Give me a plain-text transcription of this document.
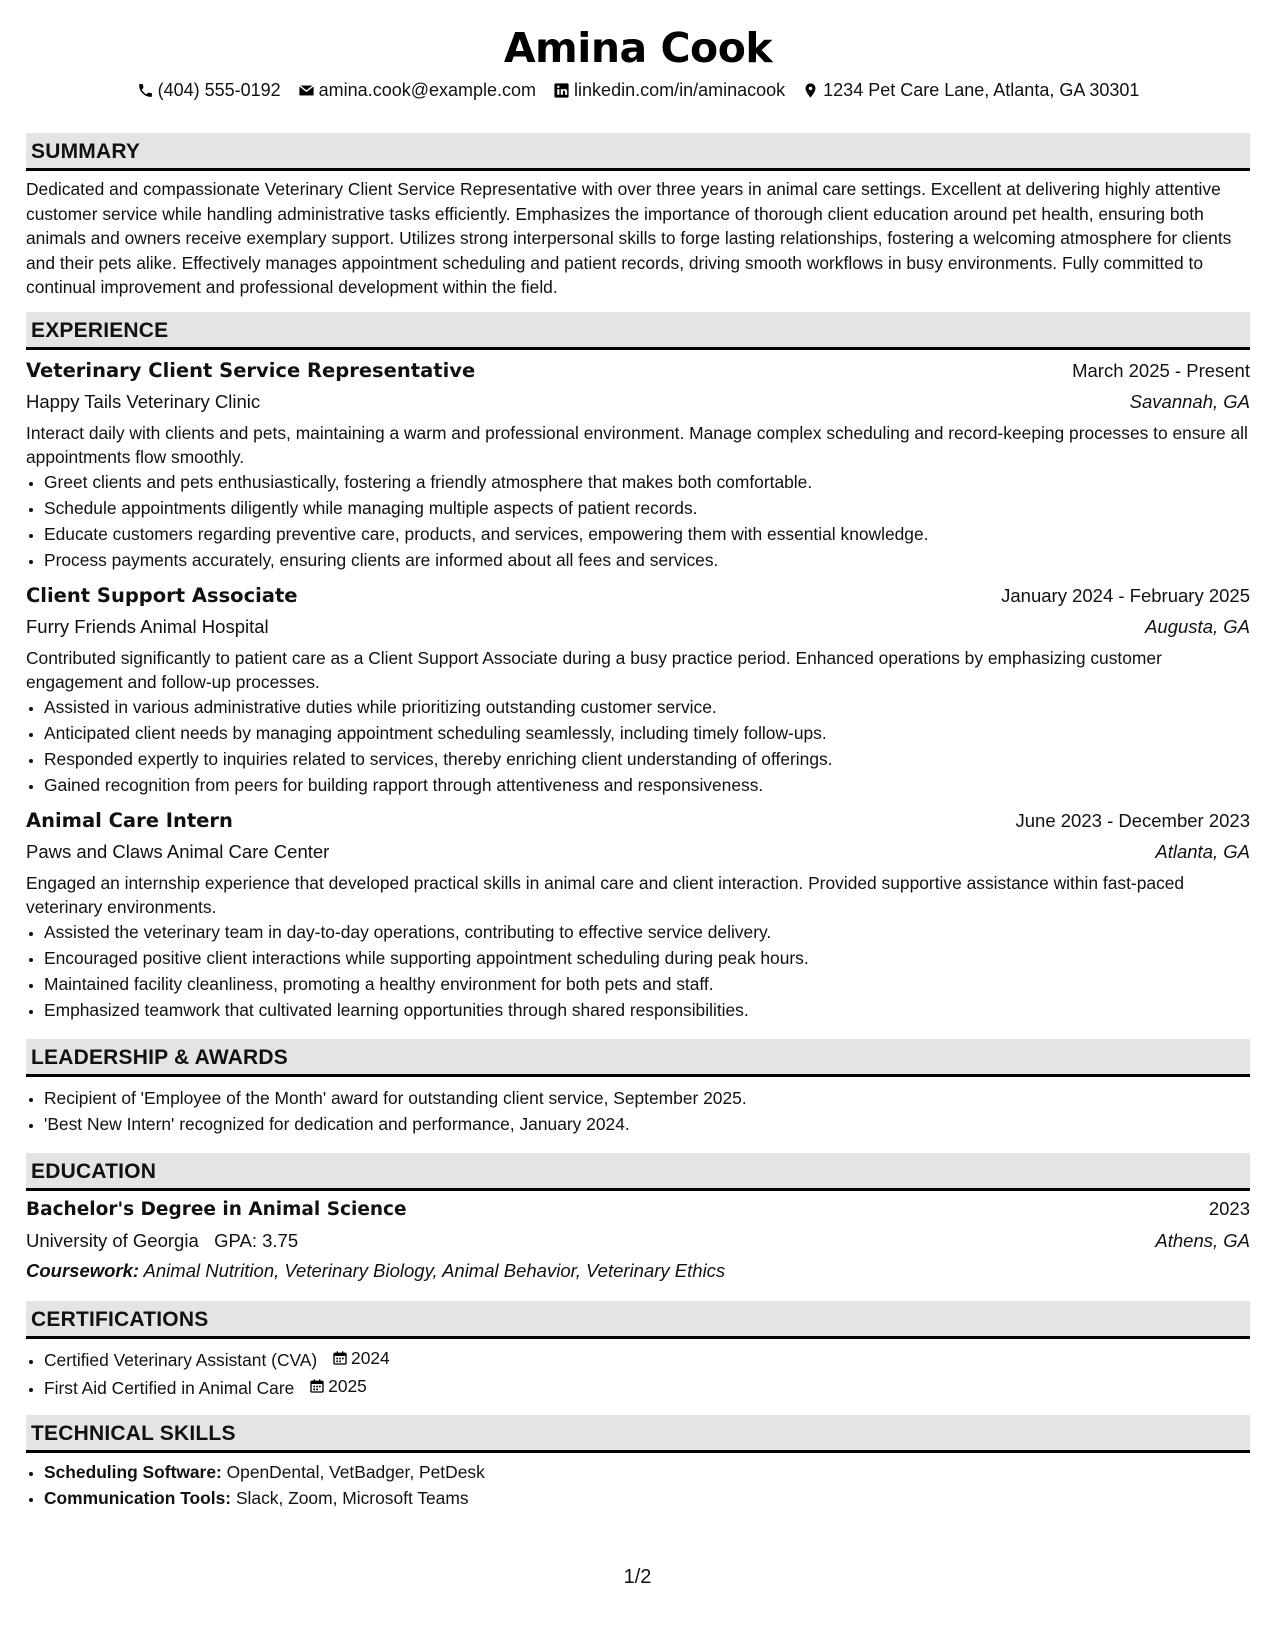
Amina Cook
(404) 555-0192 amina.cook@example.com linkedin.com/in/aminacook 1234 Pet Care Lane, Atlanta, GA 30301
SUMMARY
Dedicated and compassionate Veterinary Client Service Representative with over three years in animal care settings. Excellent at delivering highly attentive customer service while handling administrative tasks efficiently. Emphasizes the importance of thorough client education around pet health, ensuring both animals and owners receive exemplary support. Utilizes strong interpersonal skills to forge lasting relationships, fostering a welcoming atmosphere for clients and their pets alike. Effectively manages appointment scheduling and patient records, driving smooth workflows in busy environments. Fully committed to continual improvement and professional development within the field.
EXPERIENCE
Veterinary Client Service Representative	March 2025 - Present
Happy Tails Veterinary Clinic	Savannah, GA
Interact daily with clients and pets, maintaining a warm and professional environment. Manage complex scheduling and record-keeping processes to ensure all appointments flow smoothly.
• Greet clients and pets enthusiastically, fostering a friendly atmosphere that makes both comfortable.
• Schedule appointments diligently while managing multiple aspects of patient records.
• Educate customers regarding preventive care, products, and services, empowering them with essential knowledge.
• Process payments accurately, ensuring clients are informed about all fees and services.
Client Support Associate	January 2024 - February 2025
Furry Friends Animal Hospital	Augusta, GA
Contributed significantly to patient care as a Client Support Associate during a busy practice period. Enhanced operations by emphasizing customer engagement and follow-up processes.
• Assisted in various administrative duties while prioritizing outstanding customer service.
• Anticipated client needs by managing appointment scheduling seamlessly, including timely follow-ups.
• Responded expertly to inquiries related to services, thereby enriching client understanding of offerings.
• Gained recognition from peers for building rapport through attentiveness and responsiveness.
Animal Care Intern	June 2023 - December 2023
Paws and Claws Animal Care Center	Atlanta, GA
Engaged an internship experience that developed practical skills in animal care and client interaction. Provided supportive assistance within fast-paced veterinary environments.
• Assisted the veterinary team in day-to-day operations, contributing to effective service delivery.
• Encouraged positive client interactions while supporting appointment scheduling during peak hours.
• Maintained facility cleanliness, promoting a healthy environment for both pets and staff.
• Emphasized teamwork that cultivated learning opportunities through shared responsibilities.
LEADERSHIP & AWARDS
• Recipient of 'Employee of the Month' award for outstanding client service, September 2025.
• 'Best New Intern' recognized for dedication and performance, January 2024.
EDUCATION
Bachelor's Degree in Animal Science	2023
University of Georgia GPA: 3.75	Athens, GA
Coursework: Animal Nutrition, Veterinary Biology, Animal Behavior, Veterinary Ethics
CERTIFICATIONS
• Certified Veterinary Assistant (CVA) 2024
• First Aid Certified in Animal Care 2025
TECHNICAL SKILLS
• Scheduling Software: OpenDental, VetBadger, PetDesk
• Communication Tools: Slack, Zoom, Microsoft Teams
1/2
